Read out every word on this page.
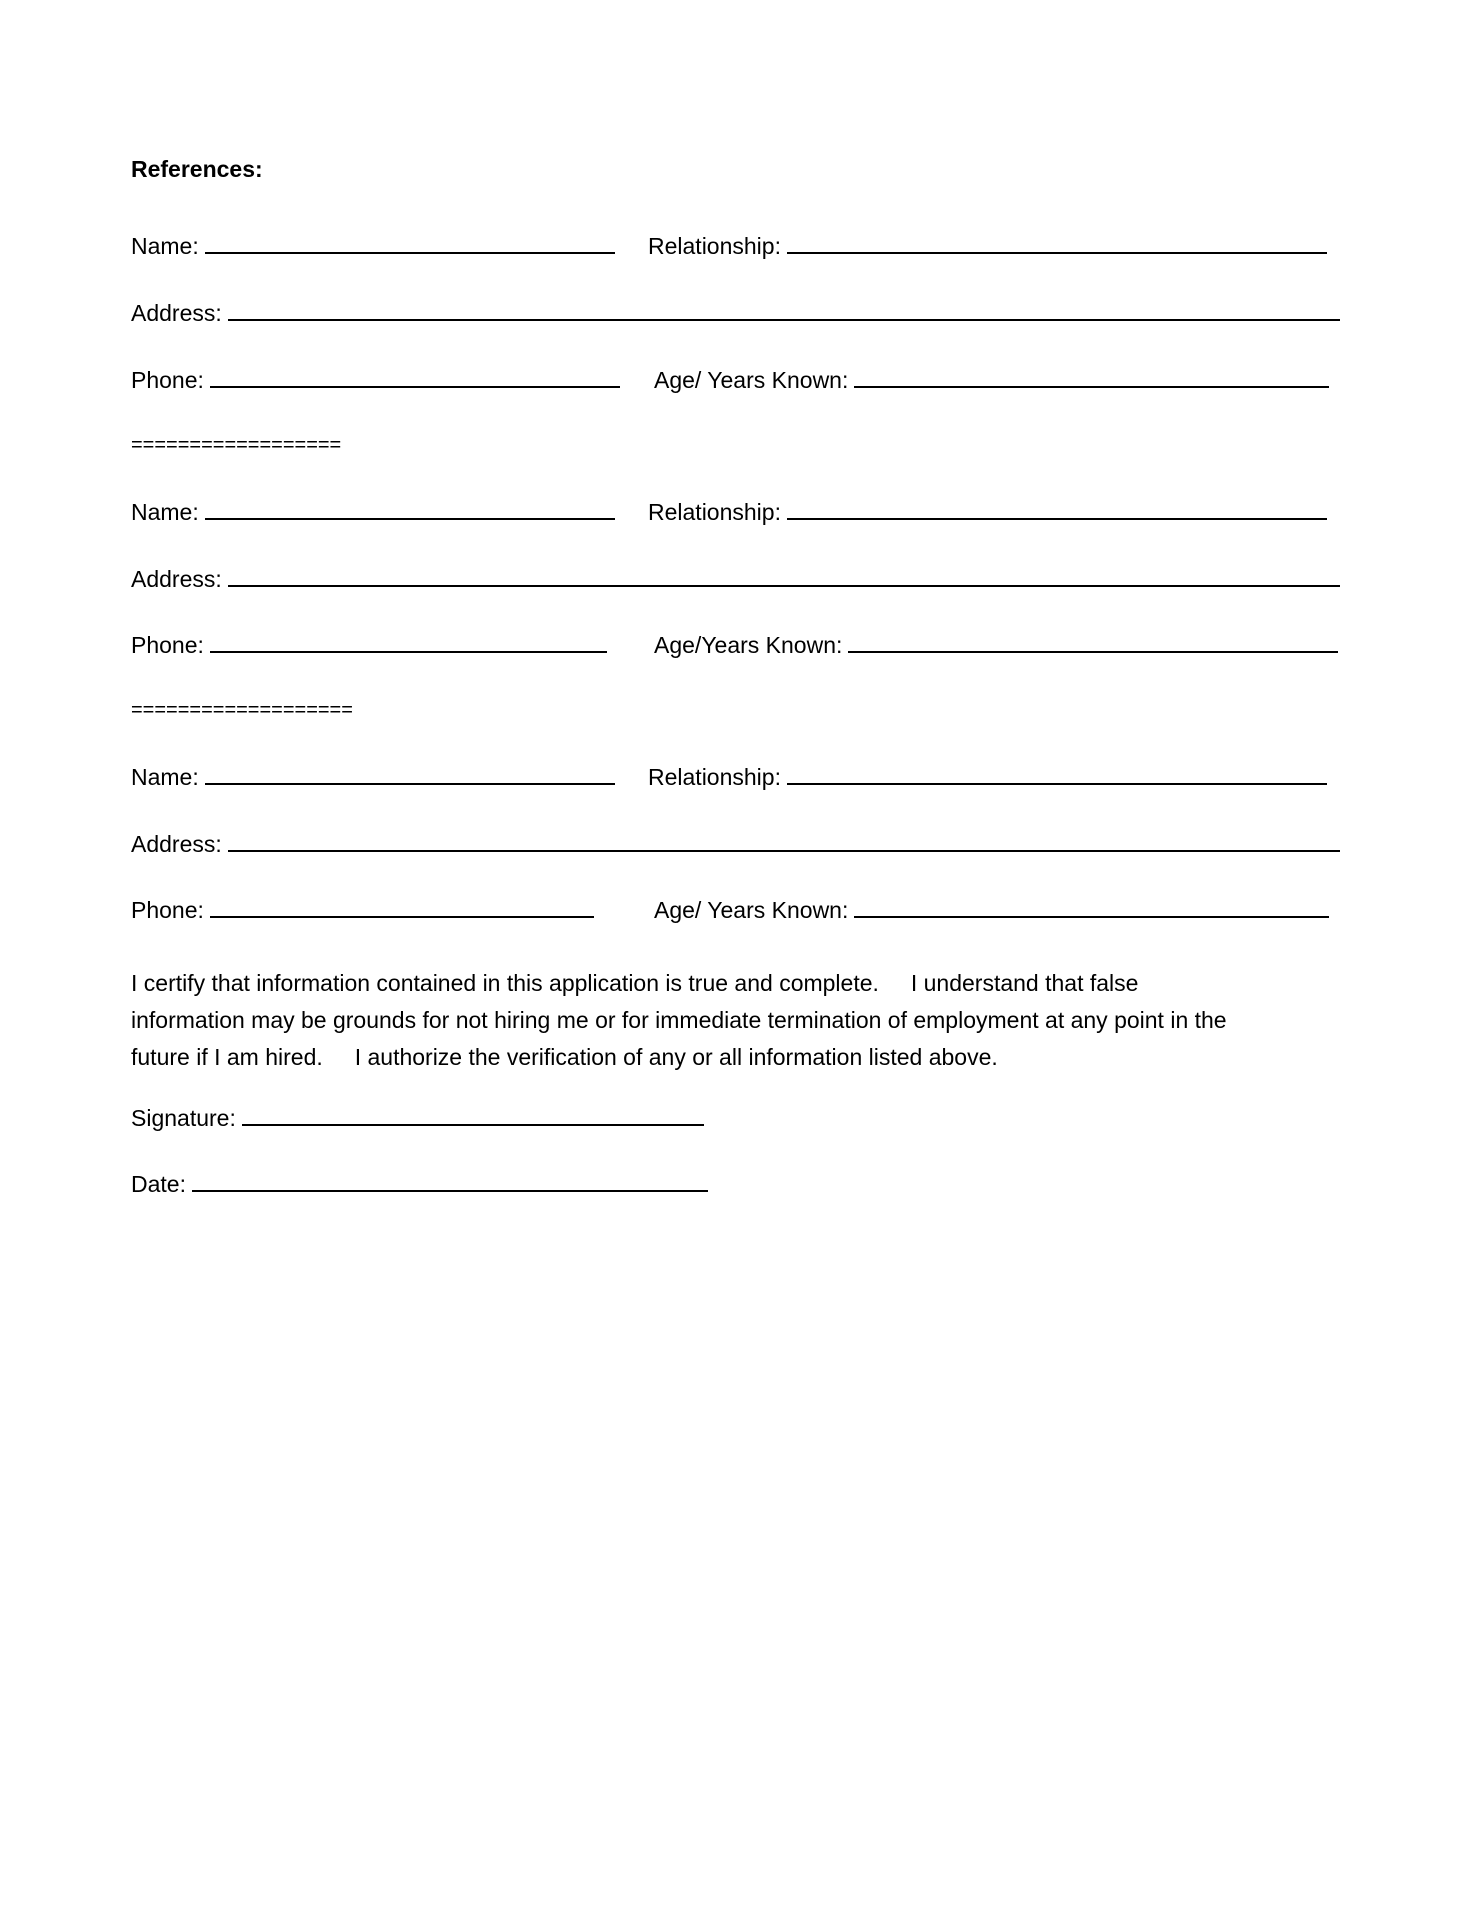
References:
Name:	Relationship:
Address:
Phone:	Age/ Years Known:
==================
Name:	Relationship:
Address:
Phone:	Age/Years Known:
===================
Name:	Relationship:
Address:
Phone:	Age/ Years Known:
I certify that information contained in this application is true and complete.     I understand that false
information may be grounds for not hiring me or for immediate termination of employment at any point in the
future if I am hired.     I authorize the verification of any or all information listed above.
Signature:
Date:
